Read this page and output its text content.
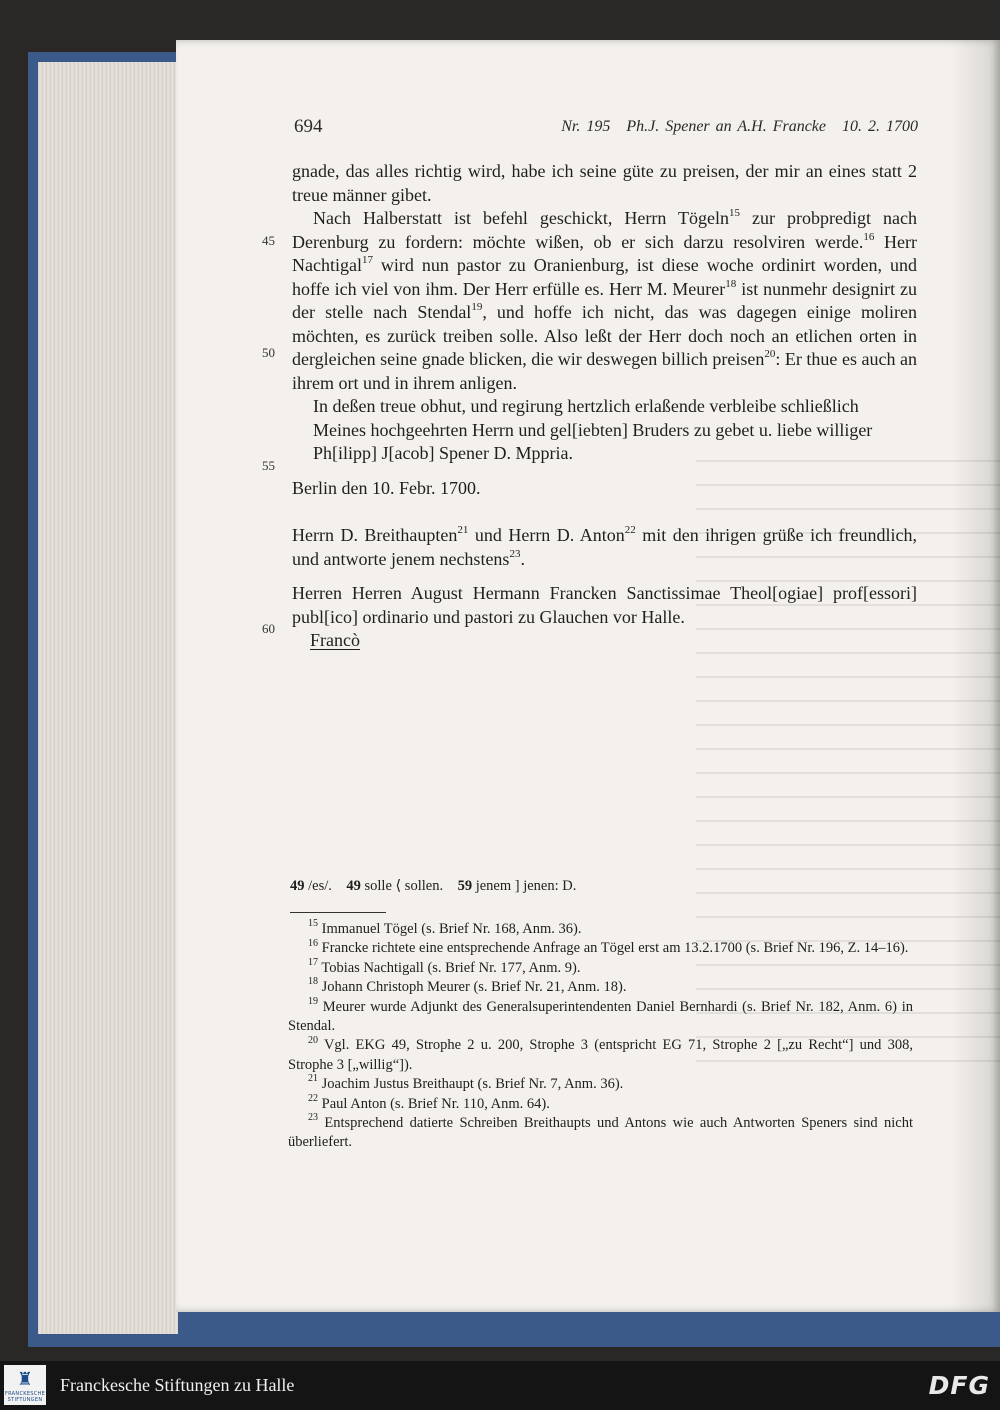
694	Nr. 195 Ph.J. Spener an A.H. Francke 10. 2. 1700
45
50
55
60

gnade, das alles richtig wird, habe ich seine güte zu preisen, der mir an eines statt 2 treue männer gibet.

Nach Halberstatt ist befehl geschickt, Herrn Tögeln$^{15}$ zur probpredigt nach Derenburg zu fordern: möchte wißen, ob er sich darzu resolviren werde.$^{16}$ Herr Nachtigal$^{17}$ wird nun pastor zu Oranienburg, ist diese woche ordinirt worden, und hoffe ich viel von ihm. Der Herr erfülle es. Herr M. Meurer$^{18}$ ist nunmehr designirt zu der stelle nach Stendal$^{19}$, und hoffe ich nicht, das was dagegen einige moliren möchten, es zurück treiben solle. Also leßt der Herr doch noch an etlichen orten in dergleichen seine gnade blicken, die wir deswegen billich preisen$^{20}$: Er thue es auch an ihrem ort und in ihrem anligen.

In deßen treue obhut, und regirung hertzlich erlaßende verbleibe schließlich

Meines hochgeehrten Herrn und gel[iebten] Bruders zu gebet u. liebe williger

Ph[ilipp] J[acob] Spener D. Mppria.

Berlin den 10. Febr. 1700.

Herrn D. Breithaupten$^{21}$ und Herrn D. Anton$^{22}$ mit den ihrigen grüße ich freundlich, und antworte jenem nechstens$^{23}$.

Herren Herren August Hermann Francken Sanctissimae Theol[ogiae] prof[essori] publ[ico] ordinario und pastori zu Glauchen vor Halle.

Francò

49 /es/. 49 solle ⟨ sollen. 59 jenem ] jenen: D.

$^{15}$ Immanuel Tögel (s. Brief Nr. 168, Anm. 36).

$^{16}$ Francke richtete eine entsprechende Anfrage an Tögel erst am 13.2.1700 (s. Brief Nr. 196, Z. 14–16).

$^{17}$ Tobias Nachtigall (s. Brief Nr. 177, Anm. 9).

$^{18}$ Johann Christoph Meurer (s. Brief Nr. 21, Anm. 18).

$^{19}$ Meurer wurde Adjunkt des Generalsuperintendenten Daniel Bernhardi (s. Brief Nr. 182, Anm. 6) in Stendal.

$^{20}$ Vgl. EKG 49, Strophe 2 u. 200, Strophe 3 (entspricht EG 71, Strophe 2 [„zu Recht“] und 308, Strophe 3 [„willig“]).

$^{21}$ Joachim Justus Breithaupt (s. Brief Nr. 7, Anm. 36).

$^{22}$ Paul Anton (s. Brief Nr. 110, Anm. 64).

$^{23}$ Entsprechend datierte Schreiben Breithaupts und Antons wie auch Antworten Speners sind nicht überliefert.

♜
FRANCKESCHE
STIFTUNGEN
Franckesche Stiftungen zu Halle	DFG
